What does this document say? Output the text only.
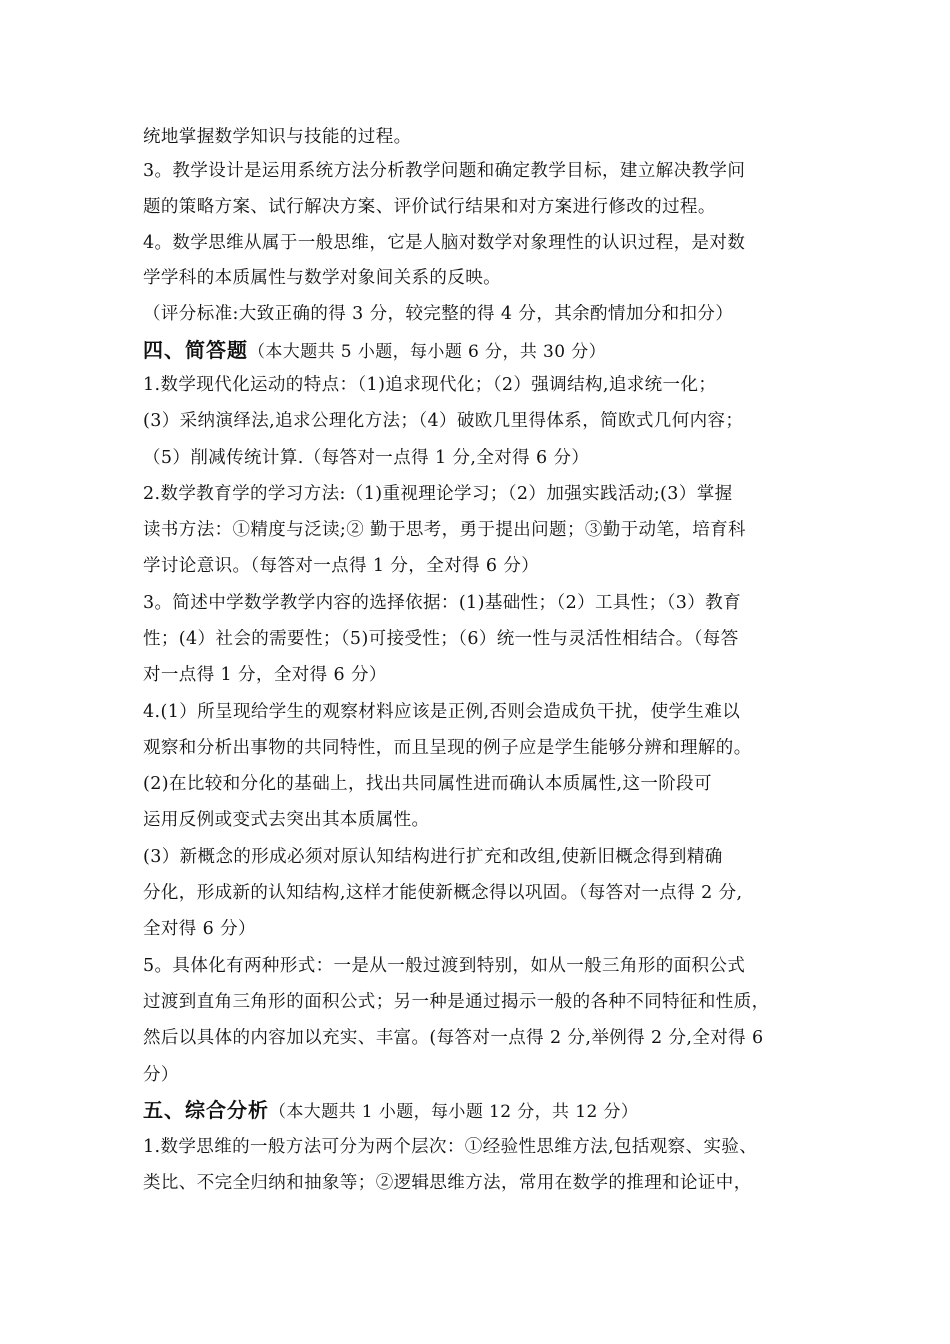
统地掌握数学知识与技能的过程。
3。教学设计是运用系统方法分析教学问题和确定教学目标，建立解决教学问
题的策略方案、试行解决方案、评价试行结果和对方案进行修改的过程。
4。数学思维从属于一般思维，它是人脑对数学对象理性的认识过程，是对数
学学科的本质属性与数学对象间关系的反映。
（评分标准:大致正确的得 3 分，较完整的得 4 分，其余酌情加分和扣分）
四、简答题（本大题共 5 小题，每小题 6 分，共 30 分）
1.数学现代化运动的特点：（1)追求现代化；（2）强调结构,追求统一化；
(3）采纳演绎法,追求公理化方法；（4）破欧几里得体系，简欧式几何内容；
（5）削减传统计算.（每答对一点得 1 分,全对得 6 分）
2.数学教育学的学习方法:（1)重视理论学习；（2）加强实践活动;(3）掌握
读书方法：①精度与泛读;② 勤于思考，勇于提出问题；③勤于动笔，培育科
学讨论意识。（每答对一点得 1 分，全对得 6 分）
3。简述中学数学教学内容的选择依据：(1)基础性；（2）工具性；（3）教育
性；(4）社会的需要性；（5)可接受性；（6）统一性与灵活性相结合。（每答
对一点得 1 分，全对得 6 分）
4.(1）所呈现给学生的观察材料应该是正例,否则会造成负干扰，使学生难以
观察和分析出事物的共同特性，而且呈现的例子应是学生能够分辨和理解的。
(2)在比较和分化的基础上，找出共同属性进而确认本质属性,这一阶段可
运用反例或变式去突出其本质属性。
(3）新概念的形成必须对原认知结构进行扩充和改组,使新旧概念得到精确
分化，形成新的认知结构,这样才能使新概念得以巩固。（每答对一点得 2 分,
全对得 6 分）
5。具体化有两种形式：一是从一般过渡到特别，如从一般三角形的面积公式
过渡到直角三角形的面积公式；另一种是通过揭示一般的各种不同特征和性质，
然后以具体的内容加以充实、丰富。(每答对一点得 2 分,举例得 2 分,全对得 6
分）
五、综合分析（本大题共 1 小题，每小题 12 分，共 12 分）
1.数学思维的一般方法可分为两个层次：①经验性思维方法,包括观察、实验、
类比、不完全归纳和抽象等；②逻辑思维方法，常用在数学的推理和论证中，
